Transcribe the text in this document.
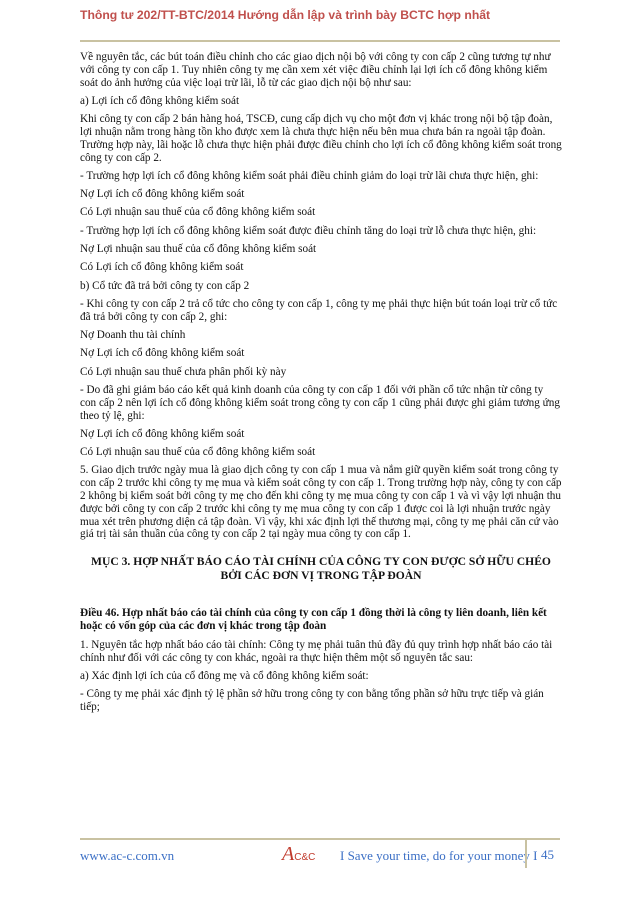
Thông tư 202/TT-BTC/2014 Hướng dẫn lập và trình bày BCTC hợp nhất

Về nguyên tắc, các bút toán điều chỉnh cho các giao dịch nội bộ với công ty con cấp 2 cũng tương tự như với công ty con cấp 1. Tuy nhiên công ty mẹ cần xem xét việc điều chỉnh lại lợi ích cổ đông không kiểm soát do ảnh hưởng của việc loại trừ lãi, lỗ từ các giao dịch nội bộ như sau:

a) Lợi ích cổ đông không kiểm soát

Khi công ty con cấp 2 bán hàng hoá, TSCĐ, cung cấp dịch vụ cho một đơn vị khác trong nội bộ tập đoàn, lợi nhuận nằm trong hàng tồn kho được xem là chưa thực hiện nếu bên mua chưa bán ra ngoài tập đoàn. Trường hợp này, lãi hoặc lỗ chưa thực hiện phải được điều chỉnh cho lợi ích cổ đông không kiểm soát trong công ty con cấp 2.

- Trường hợp lợi ích cổ đông không kiểm soát phải điều chỉnh giảm do loại trừ lãi chưa thực hiện, ghi:

Nợ Lợi ích cổ đông không kiểm soát

Có Lợi nhuận sau thuế của cổ đông không kiểm soát

- Trường hợp lợi ích cổ đông không kiểm soát được điều chỉnh tăng do loại trừ lỗ chưa thực hiện, ghi:

Nợ Lợi nhuận sau thuế của cổ đông không kiểm soát

Có Lợi ích cổ đông không kiểm soát

b) Cổ tức đã trả bởi công ty con cấp 2

- Khi công ty con cấp 2 trả cổ tức cho công ty con cấp 1, công ty mẹ phải thực hiện bút toán loại trừ cổ tức đã trả bởi công ty con cấp 2, ghi:

Nợ Doanh thu tài chính

Nợ Lợi ích cổ đông không kiểm soát

Có Lợi nhuận sau thuế chưa phân phối kỳ này

- Do đã ghi giảm báo cáo kết quả kinh doanh của công ty con cấp 1 đối với phần cổ tức nhận từ công ty con cấp 2 nên lợi ích cổ đông không kiểm soát trong công ty con cấp 1 cũng phải được ghi giảm tương ứng theo tỷ lệ, ghi:

Nợ Lợi ích cổ đông không kiểm soát

Có Lợi nhuận sau thuế của cổ đông không kiểm soát

5. Giao dịch trước ngày mua là giao dịch công ty con cấp 1 mua và nắm giữ quyền kiểm soát trong công ty con cấp 2 trước khi công ty mẹ mua và kiểm soát công ty con cấp 1. Trong trường hợp này, công ty con cấp 2 không bị kiểm soát bởi công ty mẹ cho đến khi công ty mẹ mua công ty con cấp 1 và vì vậy lợi nhuận thu được bởi công ty con cấp 2 trước khi công ty mẹ mua công ty con cấp 1 được coi là lợi nhuận trước ngày mua xét trên phương diện cả tập đoàn. Vì vậy, khi xác định lợi thế thương mại, công ty mẹ phải căn cứ vào giá trị tài sản thuần của công ty con cấp 2 tại ngày mua công ty con cấp 1.

MỤC 3. HỢP NHẤT BÁO CÁO TÀI CHÍNH CỦA CÔNG TY CON ĐƯỢC SỞ HỮU CHÉO
BỞI CÁC ĐƠN VỊ TRONG TẬP ĐOÀN
Điều 46. Hợp nhất báo cáo tài chính của công ty con cấp 1 đồng thời là công ty liên doanh, liên kết hoặc có vốn góp của các đơn vị khác trong tập đoàn

1. Nguyên tắc hợp nhất báo cáo tài chính: Công ty mẹ phải tuân thủ đầy đủ quy trình hợp nhất báo cáo tài chính như đối với các công ty con khác, ngoài ra thực hiện thêm một số nguyên tắc sau:

a) Xác định lợi ích của cổ đông mẹ và cổ đông không kiểm soát:

- Công ty mẹ phải xác định tỷ lệ phần sở hữu trong công ty con bằng tổng phần sở hữu trực tiếp và gián tiếp;

www.ac-c.com.vn	A C&C I Save your time, do for your money I 45
